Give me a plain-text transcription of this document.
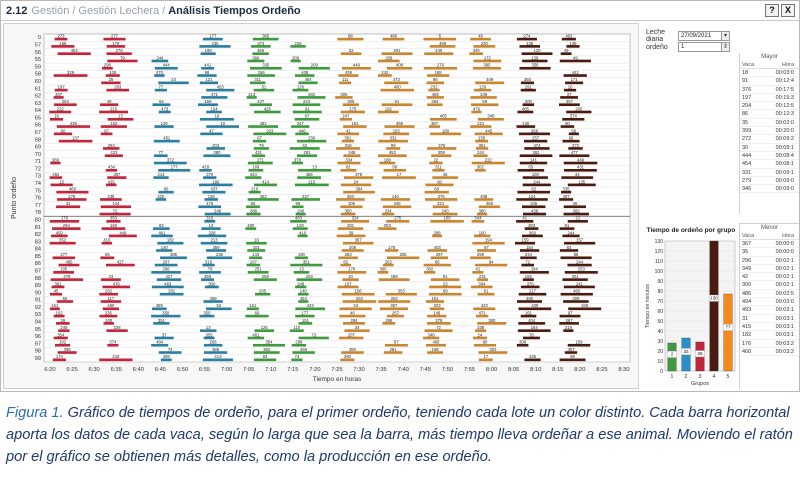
2.12 Gestión / Gestión Lechera / Análisis Tiempos Ordeño	?	X
0
57
56
55
59
58
60
61
62
63
64
65
66
67
68
69
70
71
72
73
74
75
76
77
78
80
81
82
83
84
85
86
87
88
89
90
91
92
93
94
95
96
97
98
99
6:20 6:25 6:30 6:35 6:40 6:45 6:50 6:55 7:00 7:05 7:10 7:15 7:20 7:25 7:30 7:35 7:40 7:45 7:50 7:55 8:00 8:05 8:10 8:15 8:20 8:25 8:30
Tiempo en horas
Punto ordeño
273	277	177	365	88	496	5	49	274	483
168	178	235	374	226	468	220	136	139
454	276	198	469	52	291	440	349	120	49
79	244	389	309	209	172	138	49
298	444	441	335	209	449	408	276	385	356
326	106	470	98	156	408	439	242	168	442
25	23	121	311	464	111	473	86	349	350	171
197	263	77	453	51	126	400	232	126	291	10
307	471	413	283	305	465	349	37
263	49	64	159	437	233	305	61	384	59	200	357
222	215	473	154	426	91	175	192	479	465	200
16	13	16	67	247	465	348	374
438	152	129	10	482	347	151	368	387	221	130	90
60	87	47	203	446	41	103	180	445	358	56
137	451	67	236	361	331	159	257	69
293	203	79	42	318	99	376	361	474	372
423	77	380	421	281	348	453	308	244	362	477
389	372	271	378	334	188	22	222	141	449
434	177	429	169	13	81	99	311	302	65	431
452	387	214	370	424	458	378	17	45	100	44
15	435	186	414	215	24	60	344	135
469	80	437	210	394	60	82	335
279	439	420	126	352	327	383	140	376	408	124	407
42	144	476	66	99	106	348	321	465	345	46
72	249	388	240	350	234	240	380	436	382
179	353	316	483	324	275	100	344	41	21
294	163	83	13	480	128	301	353	283	81
459	449	401	328	410	39	288	100	360	244
352	410	182	213	16	397	194	159	157
140	359	101	306	178	403	87	184	83
277	65	385	235	143	190	283	255	297	259	244	66
485	427	297	319	167	351	82	262	66	94	72	244
195	266	79	251	13	176	360	382	41	184	253
475	43	427	358	258	263	10	189	81	231	155	201
381	476	463	300	248	107	23	384	376	241
45	262	281	205	140	156	353	69	61	217	460
55	117	459	454	253	252	161	485	309
161	460	385	53	151	443	34	357	323	423	439	345
102	236	350	350	69	177	46	257	146	471	161	97
26	100	351	151	284	296	378	380	404	267
246	228	13	125	110	34	72	338	164	218
354	37	355	481	73	207	348	24	78
192	374	484	266	354	298	67	406	80	308	109
398	74	386	382	465	380	281	198	303	367
174	216	469	413	93	74	260	17	436	88
Leche diaria	27/09/2021	▾
ordeño	1	⇕
Mayor
Vaca	Hora
18	00:03:0
91	00:12:4
376	00:17:5
197	00:15:3
204	00:12:5
86	00:12:3
35	00:02:0
399	00:20:0
272	00:09:2
30	00:09:1
444	00:08:4
454	00:08:1
331	00:09:1
279	00:09:0
346	00:09:0
Menor
Vaca	Hora
367	00:00:0
35	00:00:0
296	00:02:1
349	00:02:1
42	00:02:1
300	00:02:1
486	00:02:5
494	00:03:0
493	00:03:1
31	00:03:1
415	00:03:1
182	00:03:1
176	00:03:2
460	00:03:2
Tiempo de ordeño por grupo
0
10
20
30
40
50
60
70
80
90
100
110
120
130
Tiempo en minutos
2
1
33
2
29
3
130
4
77
5
Grupos
Figura 1. Gráfico de tiempos de ordeño, para el primer ordeño, teniendo cada lote un color distinto. Cada barra horizontal aporta los datos de cada vaca, según lo larga que sea la barra, más tiempo lleva ordeñar a ese animal. Moviendo el ratón por el gráfico se obtienen más detalles, como la producción en ese ordeño.
